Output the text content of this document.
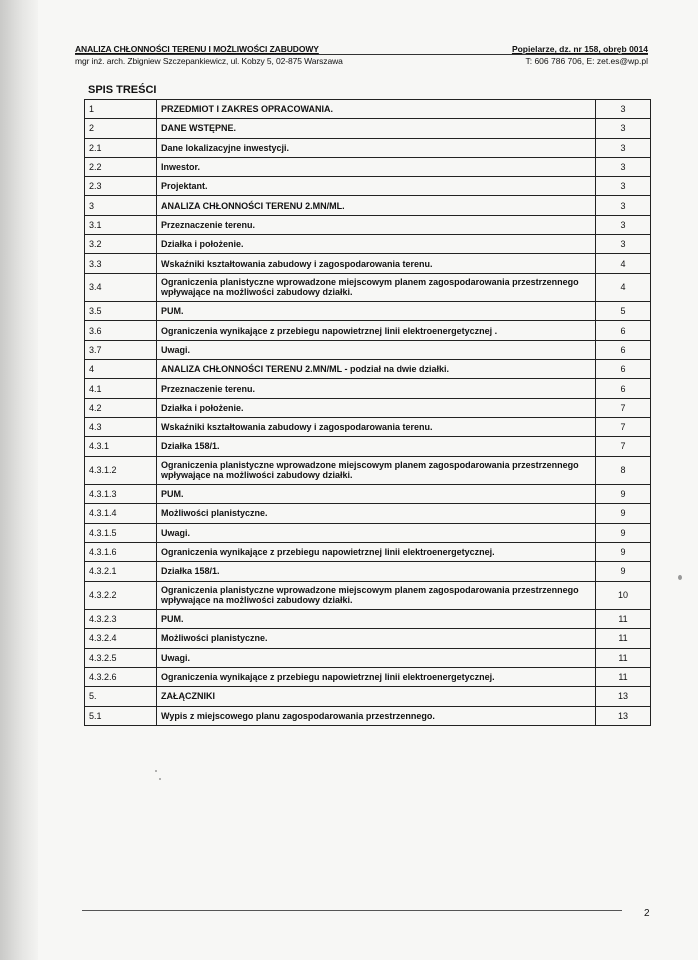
ANALIZA CHŁONNOŚCI TERENU I MOŻLIWOŚCI ZABUDOWY
mgr inż. arch. Zbigniew Szczepankiewicz, ul. Kobzy 5, 02-875 Warszawa
Popielarze, dz. nr 158, obręb 0014
T: 606 786 706, E: zet.es@wp.pl
SPIS TREŚCI
1	PRZEDMIOT I ZAKRES OPRACOWANIA.	3
2	DANE WSTĘPNE.	3
2.1	Dane lokalizacyjne inwestycji.	3
2.2	Inwestor.	3
2.3	Projektant.	3
3	ANALIZA CHŁONNOŚCI TERENU 2.MN/ML.	3
3.1	Przeznaczenie terenu.	3
3.2	Działka i położenie.	3
3.3	Wskaźniki kształtowania zabudowy i zagospodarowania terenu.	4
3.4	Ograniczenia planistyczne wprowadzone miejscowym planem zagospodarowania przestrzennego wpływające na możliwości zabudowy działki.	4
3.5	PUM.	5
3.6	Ograniczenia wynikające z przebiegu napowietrznej linii elektroenergetycznej .	6
3.7	Uwagi.	6
4	ANALIZA CHŁONNOŚCI TERENU 2.MN/ML - podział na dwie działki.	6
4.1	Przeznaczenie terenu.	6
4.2	Działka i położenie.	7
4.3	Wskaźniki kształtowania zabudowy i zagospodarowania terenu.	7
4.3.1	Działka 158/1.	7
4.3.1.2	Ograniczenia planistyczne wprowadzone miejscowym planem zagospodarowania przestrzennego wpływające na możliwości zabudowy działki.	8
4.3.1.3	PUM.	9
4.3.1.4	Możliwości planistyczne.	9
4.3.1.5	Uwagi.	9
4.3.1.6	Ograniczenia wynikające z przebiegu napowietrznej linii elektroenergetycznej.	9
4.3.2.1	Działka 158/1.	9
4.3.2.2	Ograniczenia planistyczne wprowadzone miejscowym planem zagospodarowania przestrzennego wpływające na możliwości zabudowy działki.	10
4.3.2.3	PUM.	11
4.3.2.4	Możliwości planistyczne.	11
4.3.2.5	Uwagi.	11
4.3.2.6	Ograniczenia wynikające z przebiegu napowietrznej linii elektroenergetycznej.	11
5.	ZAŁĄCZNIKI	13
5.1	Wypis z miejscowego planu zagospodarowania przestrzennego.	13
2
